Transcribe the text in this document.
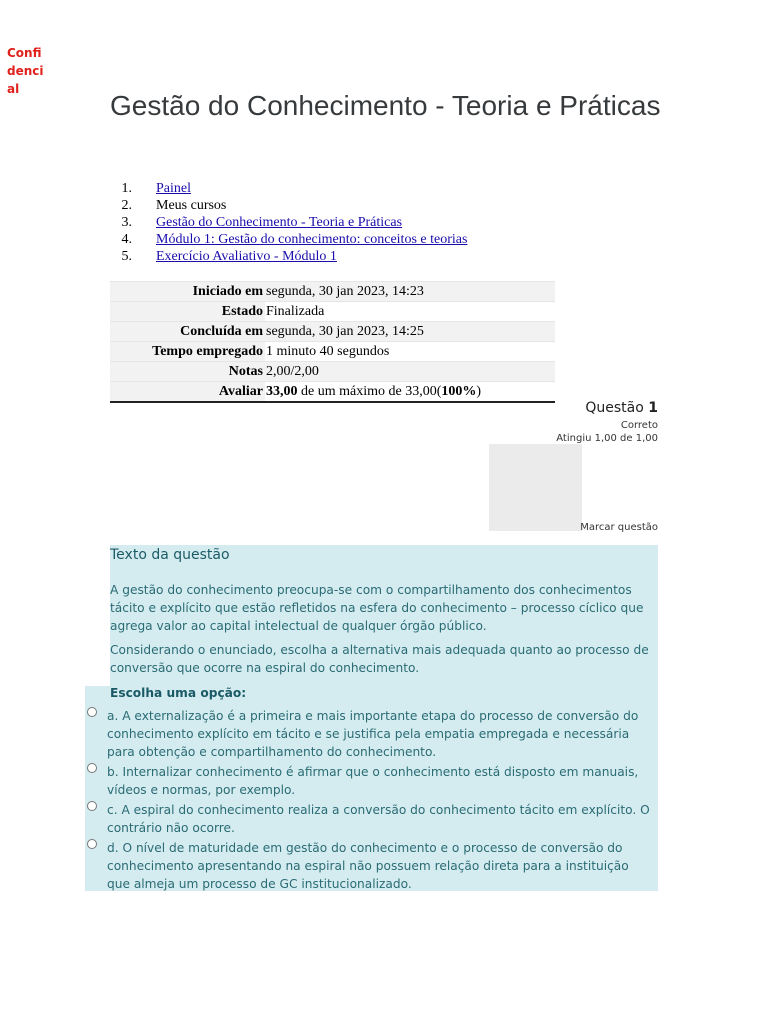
Confidencial
Gestão do Conhecimento - Teoria e Práticas
1.	Painel
2.	Meus cursos
3.	Gestão do Conhecimento - Teoria e Práticas
4.	Módulo 1: Gestão do conhecimento: conceitos e teorias
5.	Exercício Avaliativo - Módulo 1
Iniciado em	segunda, 30 jan 2023, 14:23
Estado	Finalizada
Concluída em	segunda, 30 jan 2023, 14:25
Tempo empregado	1 minuto 40 segundos
Notas	2,00/2,00
Avaliar	33,00 de um máximo de 33,00(100%)
Questão 1
Correto
Atingiu 1,00 de 1,00
Marcar questão
Texto da questão

A gestão do conhecimento preocupa-se com o compartilhamento dos conhecimentos tácito e explícito que estão refletidos na esfera do conhecimento – processo cíclico que agrega valor ao capital intelectual de qualquer órgão público.

Considerando o enunciado, escolha a alternativa mais adequada quanto ao processo de conversão que ocorre na espiral do conhecimento.

Escolha uma opção:
a. A externalização é a primeira e mais importante etapa do processo de conversão do conhecimento explícito em tácito e se justifica pela empatia empregada e necessária para obtenção e compartilhamento do conhecimento.
b. Internalizar conhecimento é afirmar que o conhecimento está disposto em manuais, vídeos e normas, por exemplo.
c. A espiral do conhecimento realiza a conversão do conhecimento tácito em explícito. O contrário não ocorre.
d. O nível de maturidade em gestão do conhecimento e o processo de conversão do conhecimento apresentando na espiral não possuem relação direta para a instituição que almeja um processo de GC institucionalizado.
